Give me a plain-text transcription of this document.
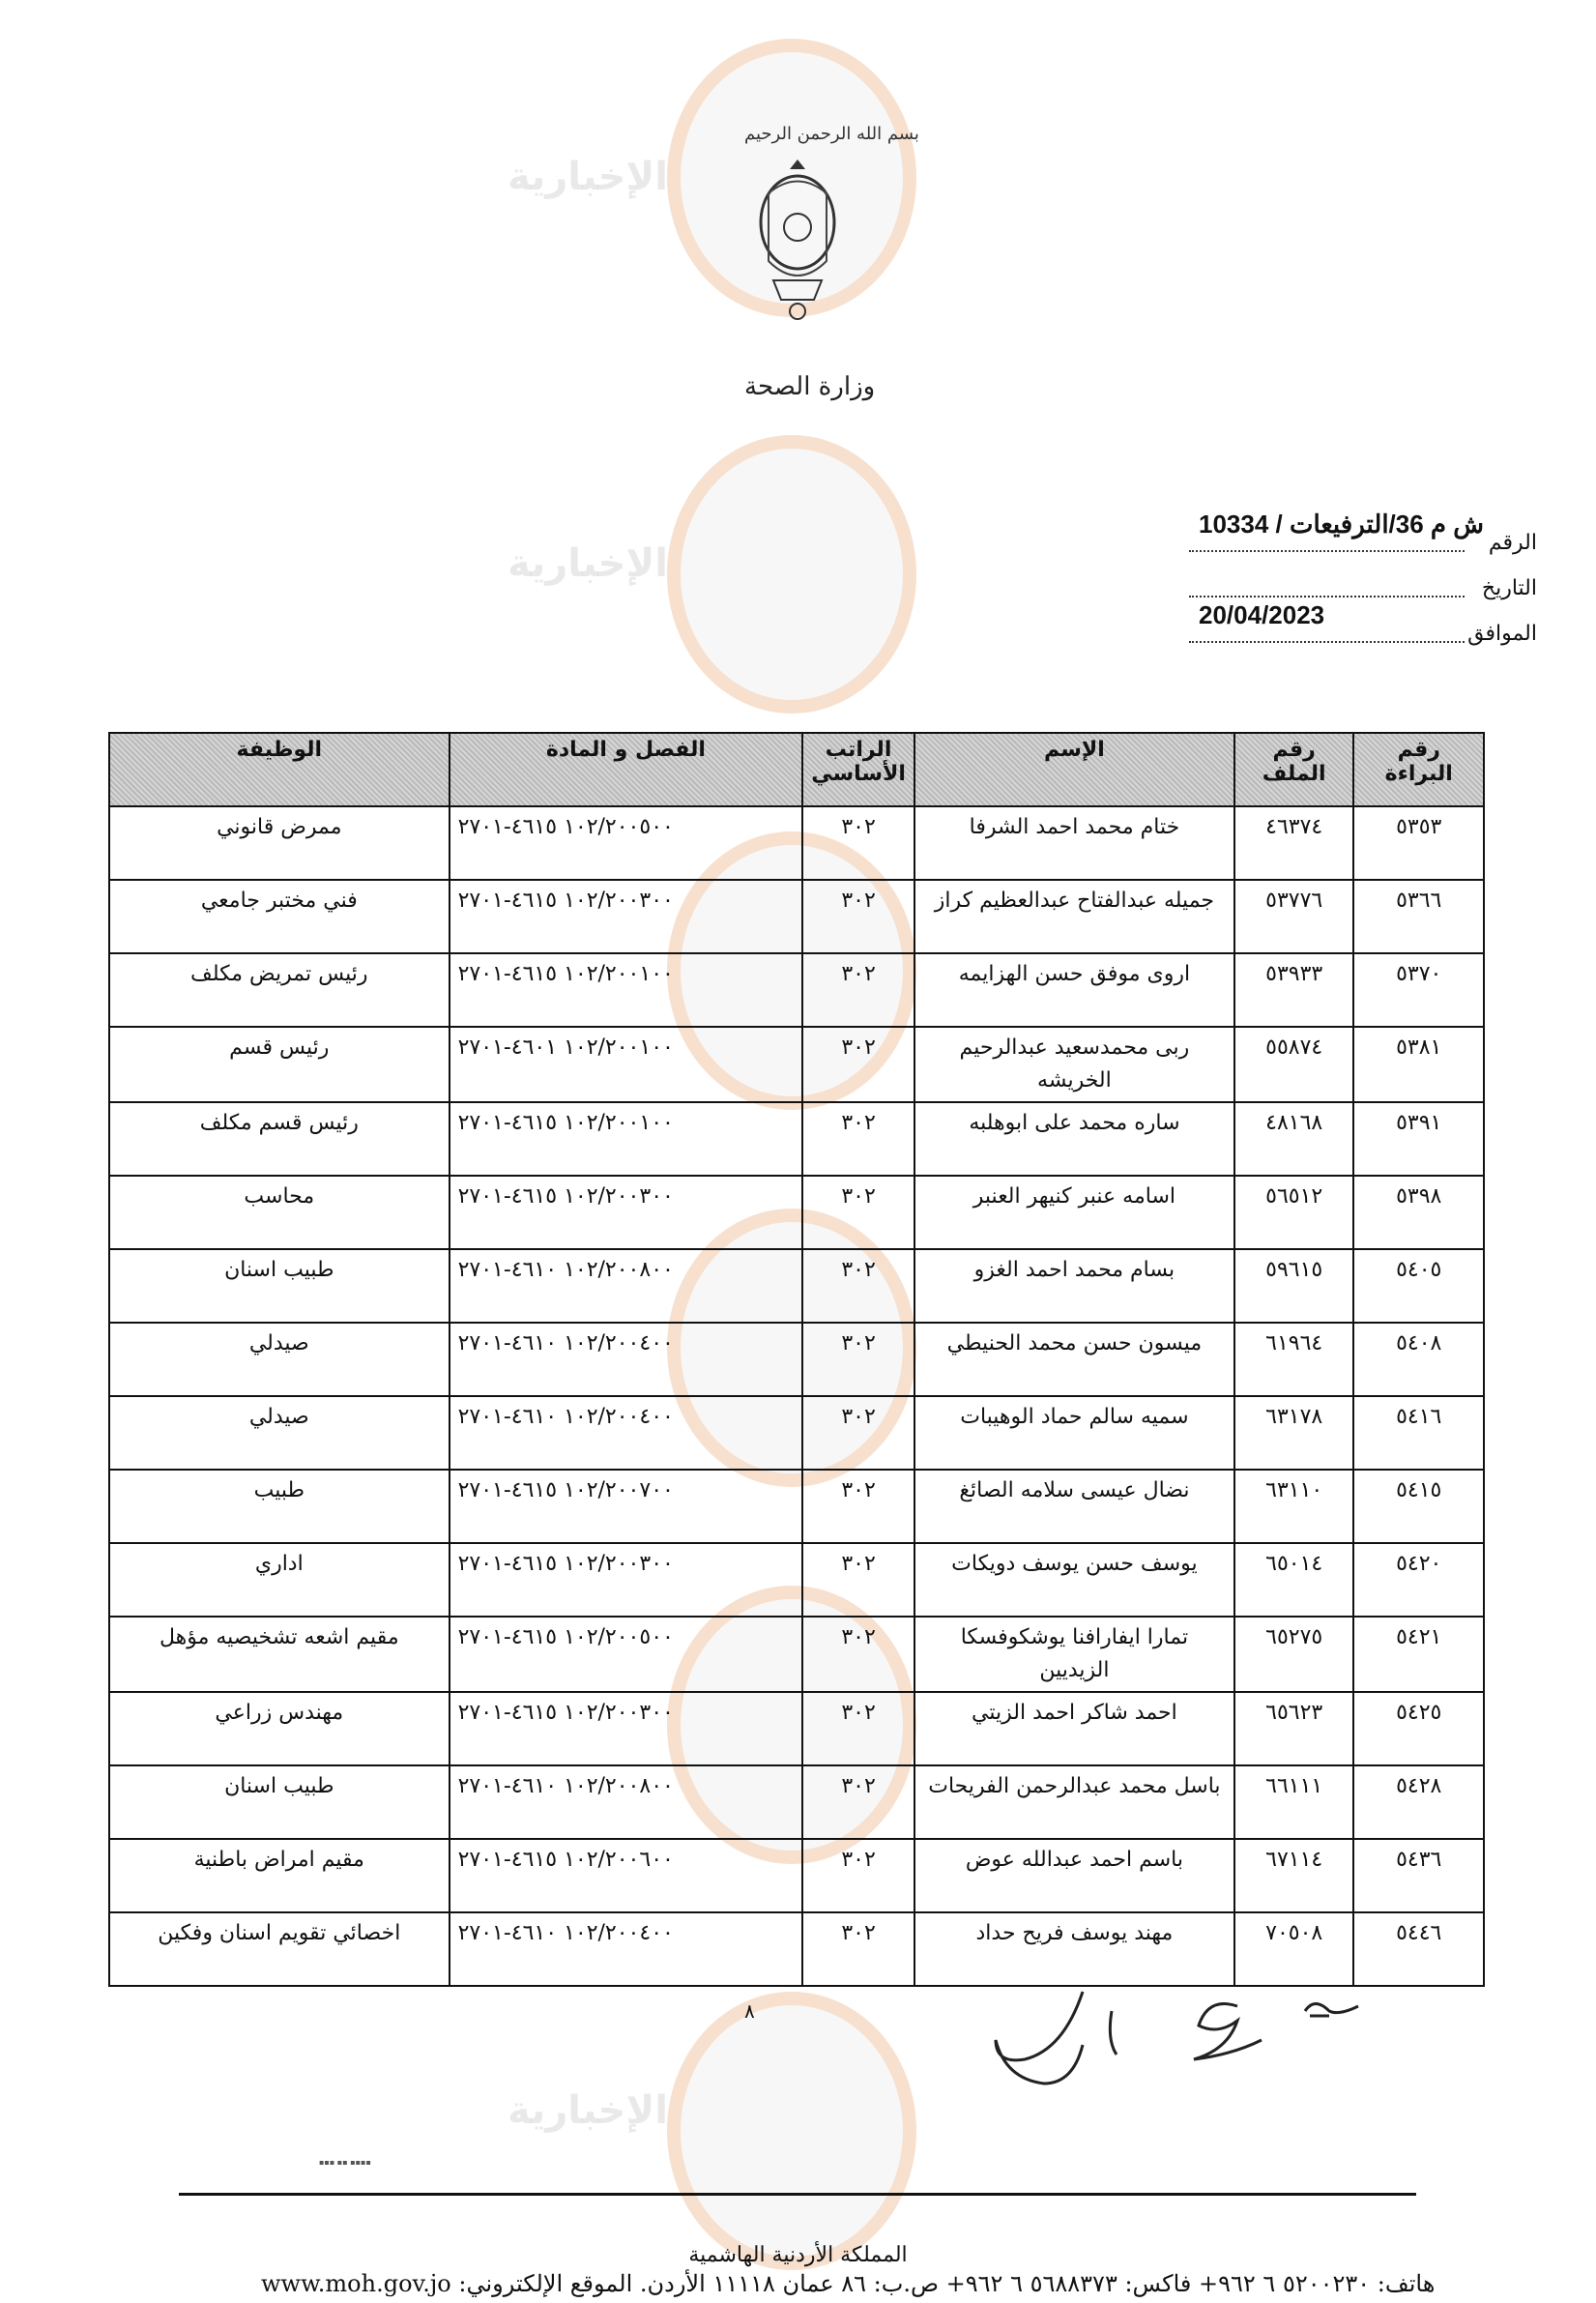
الإخبارية
الإخبارية
الإخبارية
بسم الله الرحمن الرحيم
وزارة الصحة
الرقم
ش م 36/الترفيعات / 10334
التاريخ
الموافق
20/04/2023
رقم البراءة	رقم الملف	الإسم	الراتب الأساسي	الفصل و المادة	الوظيفة
٥٣٥٣	٤٦٣٧٤	ختام محمد احمد الشرفا	٣٠٢	١٠٢/٢٠٠٥٠٠ ٤٦١٥-٢٧٠١	ممرض قانوني
٥٣٦٦	٥٣٧٧٦	جميله عبدالفتاح عبدالعظيم كراز	٣٠٢	١٠٢/٢٠٠٣٠٠ ٤٦١٥-٢٧٠١	فني مختبر جامعي
٥٣٧٠	٥٣٩٣٣	اروى موفق حسن الهزايمه	٣٠٢	١٠٢/٢٠٠١٠٠ ٤٦١٥-٢٧٠١	رئيس تمريض مكلف
٥٣٨١	٥٥٨٧٤	ربى محمدسعيد عبدالرحيم الخريشه	٣٠٢	١٠٢/٢٠٠١٠٠ ٤٦٠١-٢٧٠١	رئيس قسم
٥٣٩١	٤٨١٦٨	ساره محمد على ابوهلبه	٣٠٢	١٠٢/٢٠٠١٠٠ ٤٦١٥-٢٧٠١	رئيس قسم مكلف
٥٣٩٨	٥٦٥١٢	اسامه عنبر كنيهر العنبر	٣٠٢	١٠٢/٢٠٠٣٠٠ ٤٦١٥-٢٧٠١	محاسب
٥٤٠٥	٥٩٦١٥	بسام محمد احمد الغزو	٣٠٢	١٠٢/٢٠٠٨٠٠ ٤٦١٠-٢٧٠١	طبيب اسنان
٥٤٠٨	٦١٩٦٤	ميسون حسن محمد الحنيطي	٣٠٢	١٠٢/٢٠٠٤٠٠ ٤٦١٠-٢٧٠١	صيدلي
٥٤١٦	٦٣١٧٨	سميه سالم حماد الوهيبات	٣٠٢	١٠٢/٢٠٠٤٠٠ ٤٦١٠-٢٧٠١	صيدلي
٥٤١٥	٦٣١١٠	نضال عيسى سلامه الصائغ	٣٠٢	١٠٢/٢٠٠٧٠٠ ٤٦١٥-٢٧٠١	طبيب
٥٤٢٠	٦٥٠١٤	يوسف حسن يوسف دويكات	٣٠٢	١٠٢/٢٠٠٣٠٠ ٤٦١٥-٢٧٠١	اداري
٥٤٢١	٦٥٢٧٥	تمارا ايفارافنا يوشكوفسكا الزيديين	٣٠٢	١٠٢/٢٠٠٥٠٠ ٤٦١٥-٢٧٠١	مقيم اشعه تشخيصيه مؤهل
٥٤٢٥	٦٥٦٢٣	احمد شاكر احمد الزيتي	٣٠٢	١٠٢/٢٠٠٣٠٠ ٤٦١٥-٢٧٠١	مهندس زراعي
٥٤٢٨	٦٦١١١	باسل محمد عبدالرحمن الفريحات	٣٠٢	١٠٢/٢٠٠٨٠٠ ٤٦١٠-٢٧٠١	طبيب اسنان
٥٤٣٦	٦٧١١٤	باسم احمد عبدالله عوض	٣٠٢	١٠٢/٢٠٠٦٠٠ ٤٦١٥-٢٧٠١	مقيم امراض باطنية
٥٤٤٦	٧٠٥٠٨	مهند يوسف فريح حداد	٣٠٢	١٠٢/٢٠٠٤٠٠ ٤٦١٠-٢٧٠١	اخصائي تقويم اسنان وفكين
٨
▪▪▪ ▪▪ ▪▪▪▪
المملكة الأردنية الهاشمية
هاتف: ٥٢٠٠٢٣٠ ٦ ٩٦٢+ فاكس: ٥٦٨٨٣٧٣ ٦ ٩٦٢+ ص.ب: ٨٦ عمان ١١١١٨ الأردن. الموقع الإلكتروني: www.moh.gov.jo
